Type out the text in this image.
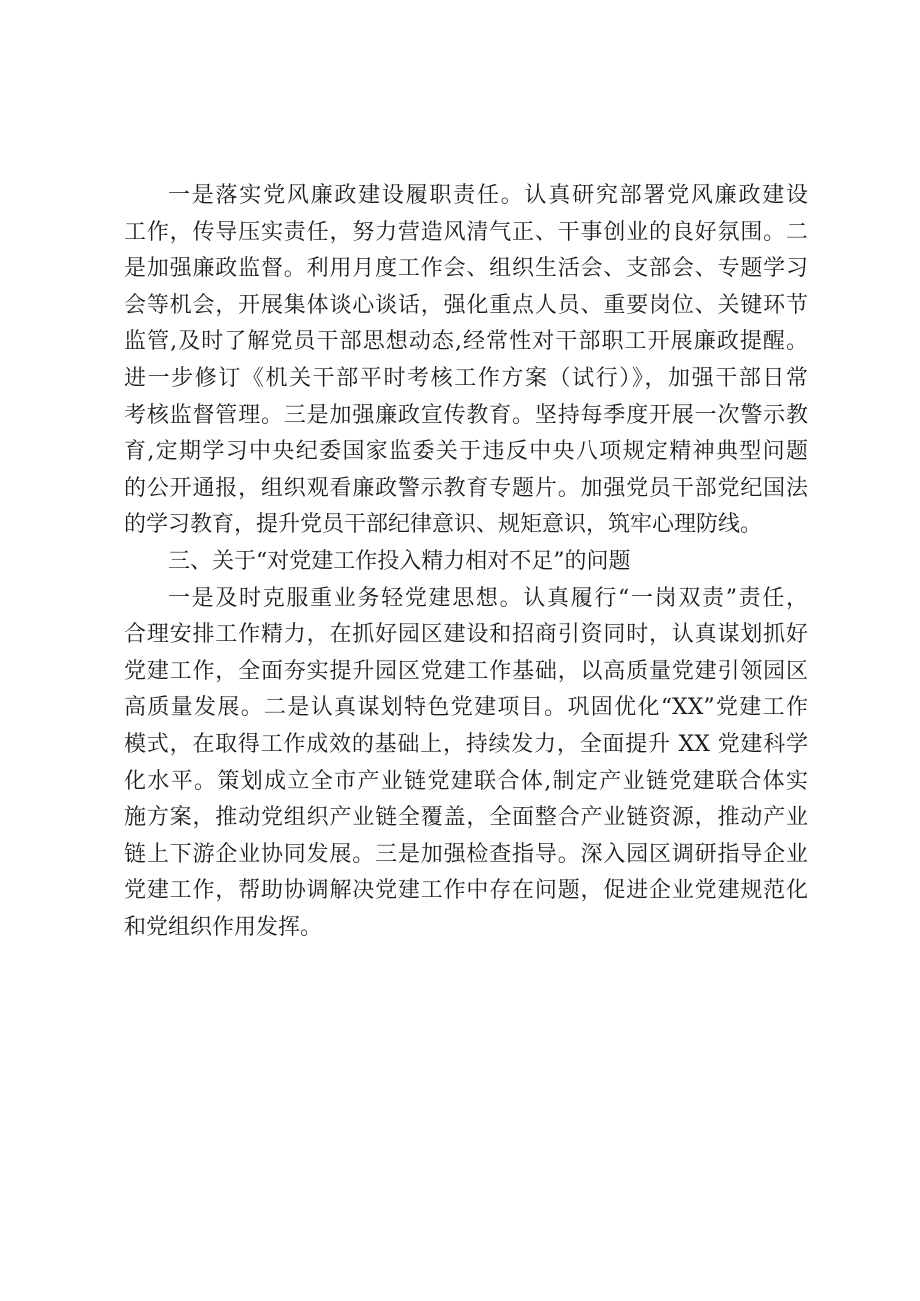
一是落实党风廉政建设履职责任。认真研究部署党风廉政建设
工作，传导压实责任，努力营造风清气正、干事创业的良好氛围。二
是加强廉政监督。利用月度工作会、组织生活会、支部会、专题学习
会等机会，开展集体谈心谈话，强化重点人员、重要岗位、关键环节
监管,及时了解党员干部思想动态,经常性对干部职工开展廉政提醒。
进一步修订《机关干部平时考核工作方案（试行）》，加强干部日常
考核监督管理。三是加强廉政宣传教育。坚持每季度开展一次警示教
育,定期学习中央纪委国家监委关于违反中央八项规定精神典型问题
的公开通报，组织观看廉政警示教育专题片。加强党员干部党纪国法
的学习教育，提升党员干部纪律意识、规矩意识，筑牢心理防线。
三、关于“对党建工作投入精力相对不足”的问题
一是及时克服重业务轻党建思想。认真履行“一岗双责”责任，
合理安排工作精力，在抓好园区建设和招商引资同时，认真谋划抓好
党建工作，全面夯实提升园区党建工作基础，以高质量党建引领园区
高质量发展。二是认真谋划特色党建项目。巩固优化“XX”党建工作
模式，在取得工作成效的基础上，持续发力，全面提升 XX 党建科学
化水平。策划成立全市产业链党建联合体,制定产业链党建联合体实
施方案，推动党组织产业链全覆盖，全面整合产业链资源，推动产业
链上下游企业协同发展。三是加强检查指导。深入园区调研指导企业
党建工作，帮助协调解决党建工作中存在问题，促进企业党建规范化
和党组织作用发挥。
